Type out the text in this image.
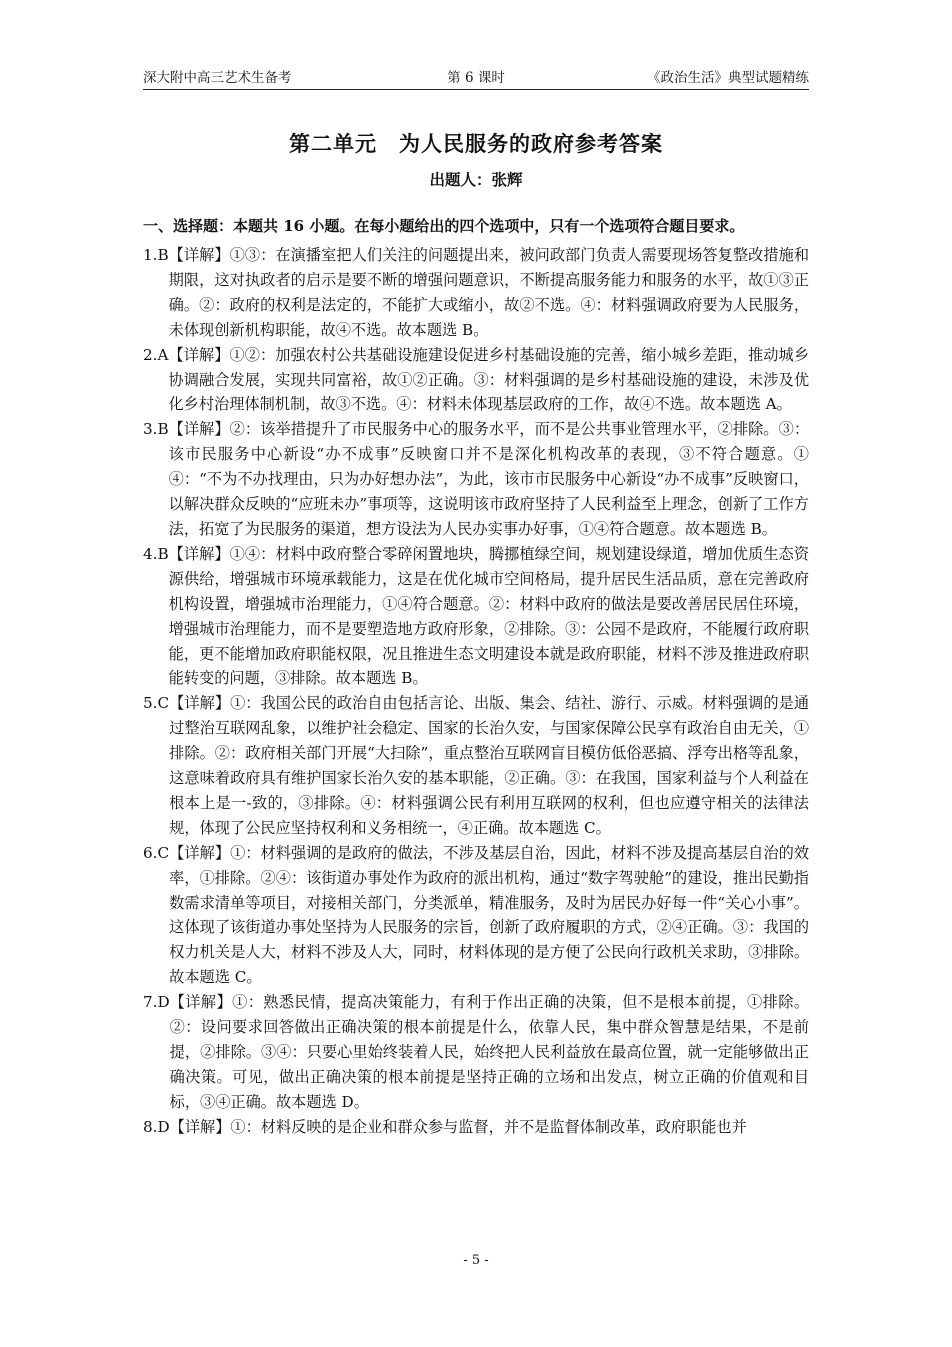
深大附中高三艺术生备考	第 6 课时	《政治生活》典型试题精练
第二单元　为人民服务的政府参考答案
出题人：张辉
一、选择题：本题共 16 小题。在每小题给出的四个选项中，只有一个选项符合题目要求。
1.B 【详解】①③：在演播室把人们关注的问题提出来，被问政部门负责人需要现场答复整改措施和期限，这对执政者的启示是要不断的增强问题意识，不断提高服务能力和服务的水平，故①③正确。②：政府的权利是法定的，不能扩大或缩小，故②不选。④：材料强调政府要为人民服务，未体现创新机构职能，故④不选。故本题选 B。
2.A 【详解】①②：加强农村公共基础设施建设促进乡村基础设施的完善，缩小城乡差距，推动城乡协调融合发展，实现共同富裕，故①②正确。③：材料强调的是乡村基础设施的建设，未涉及优化乡村治理体制机制，故③不选。④：材料未体现基层政府的工作，故④不选。故本题选 A。
3.B 【详解】②：该举措提升了市民服务中心的服务水平，而不是公共事业管理水平，②排除。③：该市民服务中心新设“办不成事”反映窗口并不是深化机构改革的表现，③不符合题意。①④：“不为不办找理由，只为办好想办法”，为此，该市市民服务中心新设“办不成事”反映窗口，以解决群众反映的“应班未办”事项等，这说明该市政府坚持了人民利益至上理念，创新了工作方法，拓宽了为民服务的渠道，想方设法为人民办实事办好事，①④符合题意。故本题选 B。
4.B 【详解】①④：材料中政府整合零碎闲置地块，腾挪植绿空间，规划建设绿道，增加优质生态资源供给，增强城市环境承载能力，这是在优化城市空间格局，提升居民生活品质，意在完善政府机构设置，增强城市治理能力，①④符合题意。②：材料中政府的做法是要改善居民居住环境，增强城市治理能力，而不是要塑造地方政府形象，②排除。③：公园不是政府，不能履行政府职能，更不能增加政府职能权限，况且推进生态文明建设本就是政府职能，材料不涉及推进政府职能转变的问题，③排除。故本题选 B。
5.C 【详解】①：我国公民的政治自由包括言论、出版、集会、结社、游行、示威。材料强调的是通过整治互联网乱象，以维护社会稳定、国家的长治久安，与国家保障公民享有政治自由无关，①排除。②：政府相关部门开展“大扫除”，重点整治互联网盲目模仿低俗恶搞、浮夸出格等乱象，这意味着政府具有维护国家长治久安的基本职能，②正确。③：在我国，国家利益与个人利益在根本上是一-致的，③排除。④：材料强调公民有利用互联网的权利，但也应遵守相关的法律法规，体现了公民应坚持权利和义务相统一，④正确。故本题选 C。
6.C 【详解】①：材料强调的是政府的做法，不涉及基层自治，因此，材料不涉及提高基层自治的效率，①排除。②④：该街道办事处作为政府的派出机构，通过“数字驾驶舱”的建设，推出民勤指数需求清单等项目，对接相关部门，分类派单，精准服务，及时为居民办好每一件“关心小事”。这体现了该街道办事处坚持为人民服务的宗旨，创新了政府履职的方式，②④正确。③：我国的权力机关是人大，材料不涉及人大，同时，材料体现的是方便了公民向行政机关求助，③排除。故本题选 C。
7.D 【详解】①：熟悉民情，提高决策能力，有利于作出正确的决策，但不是根本前提，①排除。②：设问要求回答做出正确决策的根本前提是什么，依靠人民，集中群众智慧是结果，不是前提，②排除。③④：只要心里始终装着人民，始终把人民利益放在最高位置，就一定能够做出正确决策。可见，做出正确决策的根本前提是坚持正确的立场和出发点，树立正确的价值观和目标，③④正确。故本题选 D。
8.D 【详解】①：材料反映的是企业和群众参与监督，并不是监督体制改革，政府职能也并
- 5 -
